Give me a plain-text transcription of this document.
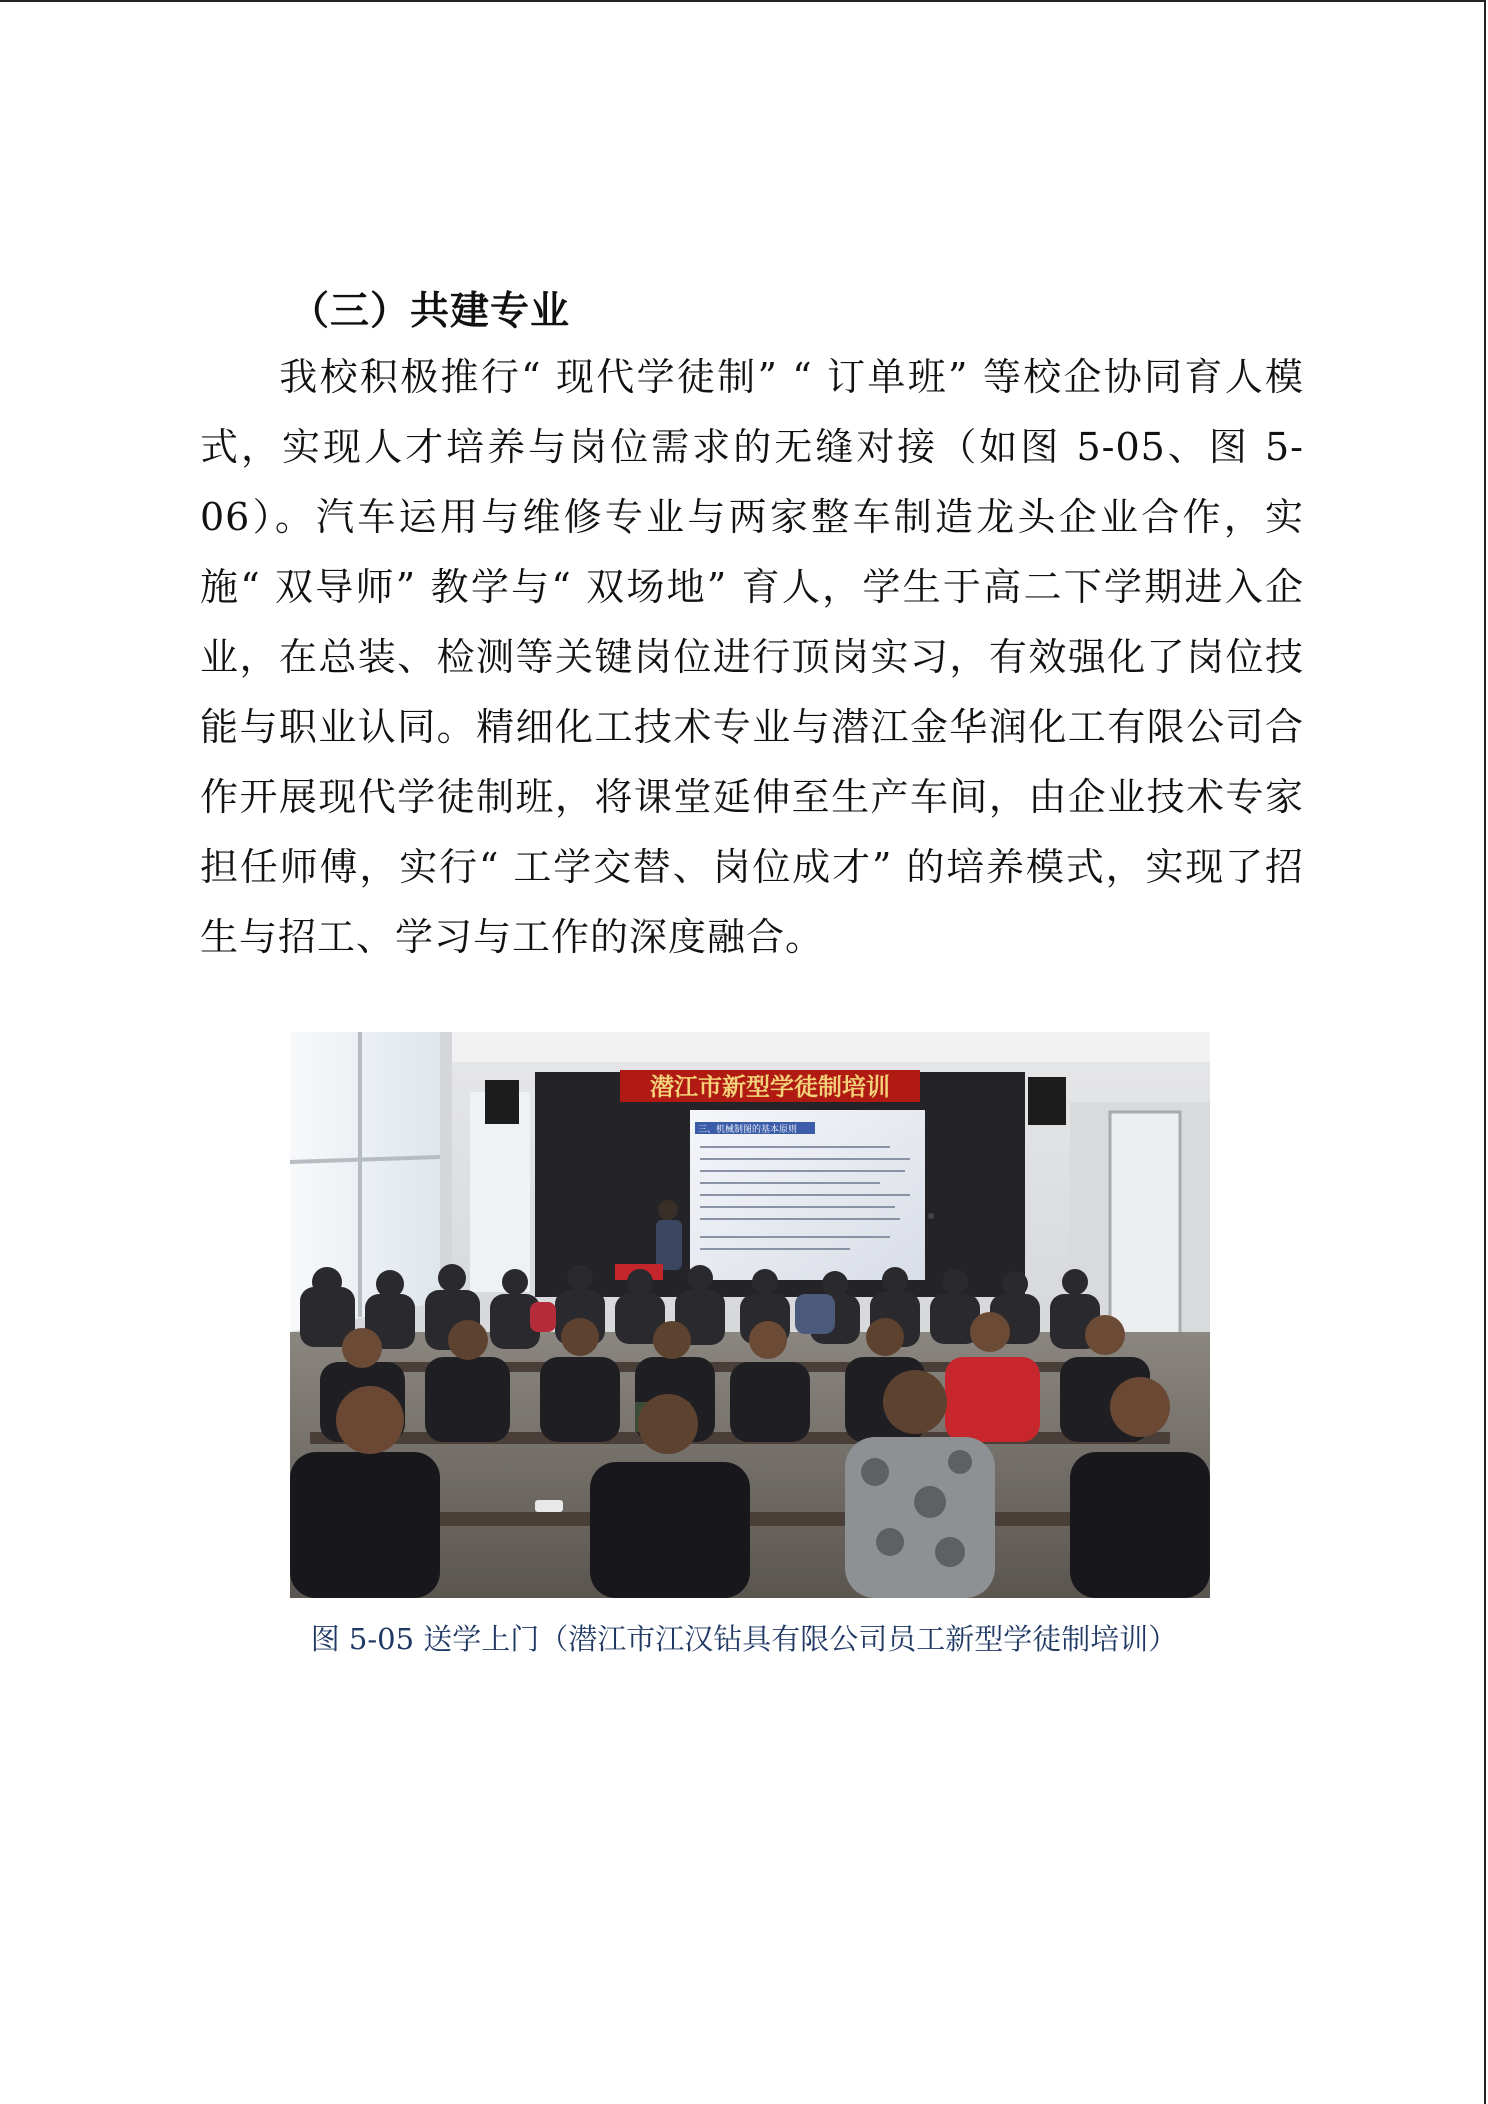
（三）共建专业
我校积极推行“ 现代学徒制” “ 订单班” 等校企协同育人模式，实现人才培养与岗位需求的无缝对接（如图 5-05、图 5-06）。汽车运用与维修专业与两家整车制造龙头企业合作，实施“ 双导师” 教学与“ 双场地” 育人，学生于高二下学期进入企业，在总装、检测等关键岗位进行顶岗实习，有效强化了岗位技能与职业认同。精细化工技术专业与潜江金华润化工有限公司合作开展现代学徒制班，将课堂延伸至生产车间，由企业技术专家担任师傅，实行“ 工学交替、岗位成才” 的培养模式，实现了招生与招工、学习与工作的深度融合。
潜江市新型学徒制培训
三、机械制图的基本原则
图 5-05 送学上门（潜江市江汉钻具有限公司员工新型学徒制培训）
